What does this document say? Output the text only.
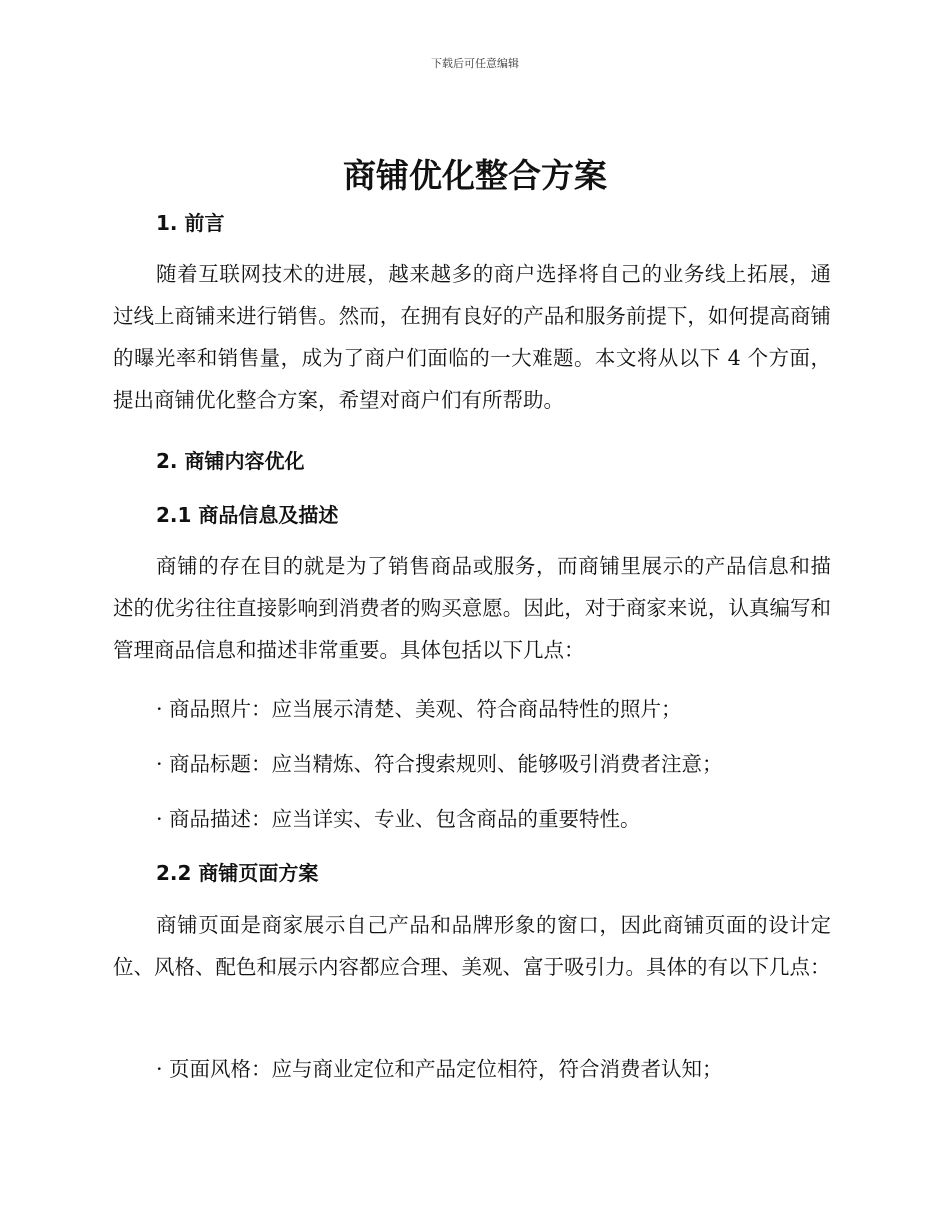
下载后可任意编辑
商铺优化整合方案
1. 前言
随着互联网技术的进展，越来越多的商户选择将自己的业务线上拓展，通过线上商铺来进行销售。然而，在拥有良好的产品和服务前提下，如何提高商铺的曝光率和销售量，成为了商户们面临的一大难题。本文将从以下 4 个方面，提出商铺优化整合方案，希望对商户们有所帮助。
2. 商铺内容优化
2.1 商品信息及描述
商铺的存在目的就是为了销售商品或服务，而商铺里展示的产品信息和描述的优劣往往直接影响到消费者的购买意愿。因此，对于商家来说，认真编写和管理商品信息和描述非常重要。具体包括以下几点：
· 商品照片：应当展示清楚、美观、符合商品特性的照片；
· 商品标题：应当精炼、符合搜索规则、能够吸引消费者注意；
· 商品描述：应当详实、专业、包含商品的重要特性。
2.2 商铺页面方案
商铺页面是商家展示自己产品和品牌形象的窗口，因此商铺页面的设计定位、风格、配色和展示内容都应合理、美观、富于吸引力。具体的有以下几点：
· 页面风格：应与商业定位和产品定位相符，符合消费者认知；
